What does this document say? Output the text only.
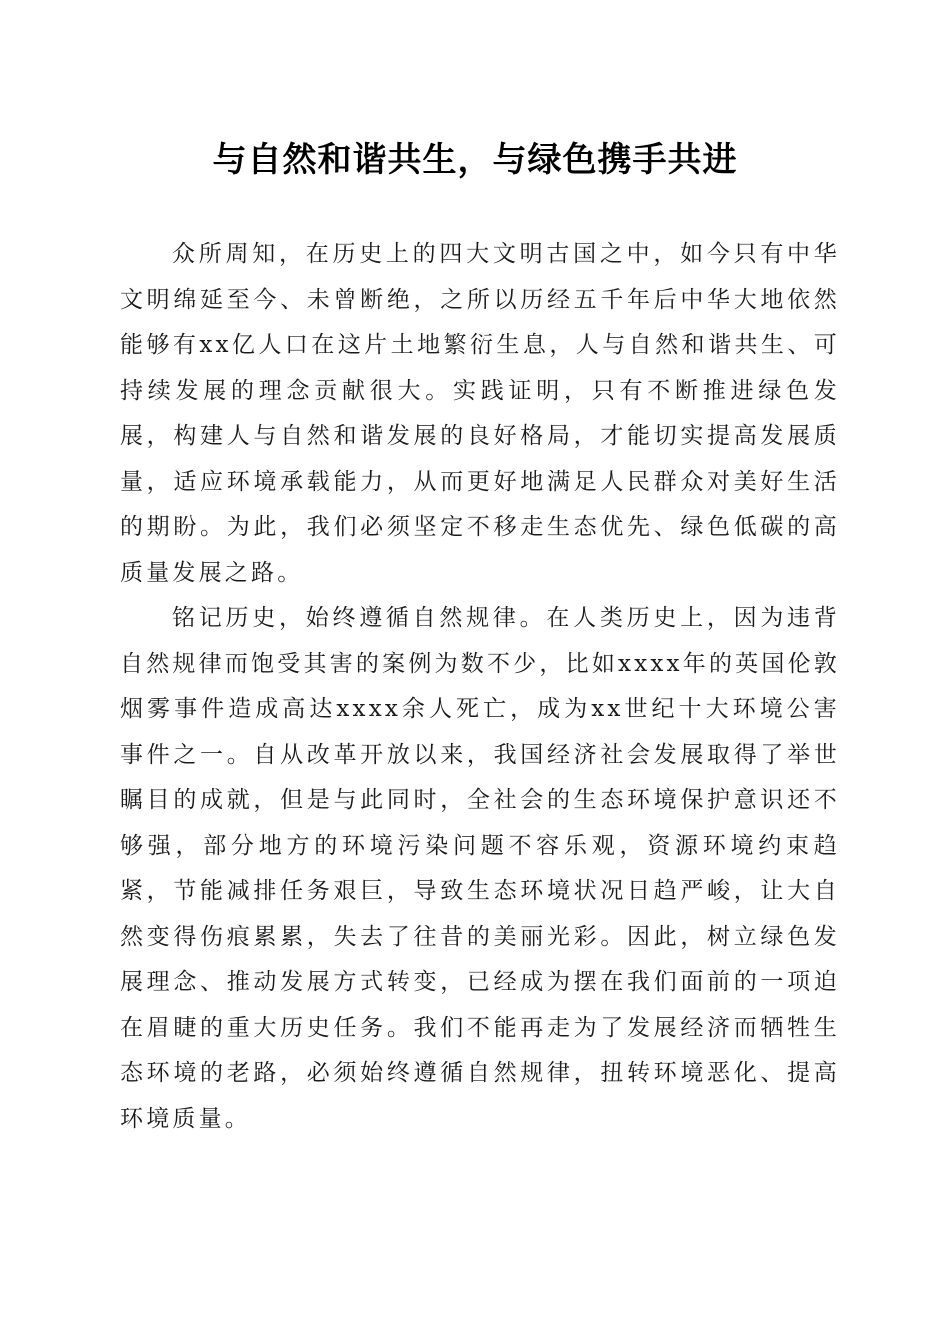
与自然和谐共生，与绿色携手共进

众所周知，在历史上的四大文明古国之中，如今只有中华文明绵延至今、未曾断绝，之所以历经五千年后中华大地依然能够有xx亿人口在这片土地繁衍生息，人与自然和谐共生、可持续发展的理念贡献很大。实践证明，只有不断推进绿色发展，构建人与自然和谐发展的良好格局，才能切实提高发展质量，适应环境承载能力，从而更好地满足人民群众对美好生活的期盼。为此，我们必须坚定不移走生态优先、绿色低碳的高质量发展之路。

铭记历史，始终遵循自然规律。在人类历史上，因为违背自然规律而饱受其害的案例为数不少，比如xxxx年的英国伦敦烟雾事件造成高达xxxx余人死亡，成为xx世纪十大环境公害事件之一。自从改革开放以来，我国经济社会发展取得了举世瞩目的成就，但是与此同时，全社会的生态环境保护意识还不够强，部分地方的环境污染问题不容乐观，资源环境约束趋紧，节能减排任务艰巨，导致生态环境状况日趋严峻，让大自然变得伤痕累累，失去了往昔的美丽光彩。因此，树立绿色发展理念、推动发展方式转变，已经成为摆在我们面前的一项迫在眉睫的重大历史任务。我们不能再走为了发展经济而牺牲生态环境的老路，必须始终遵循自然规律，扭转环境恶化、提高环境质量。
